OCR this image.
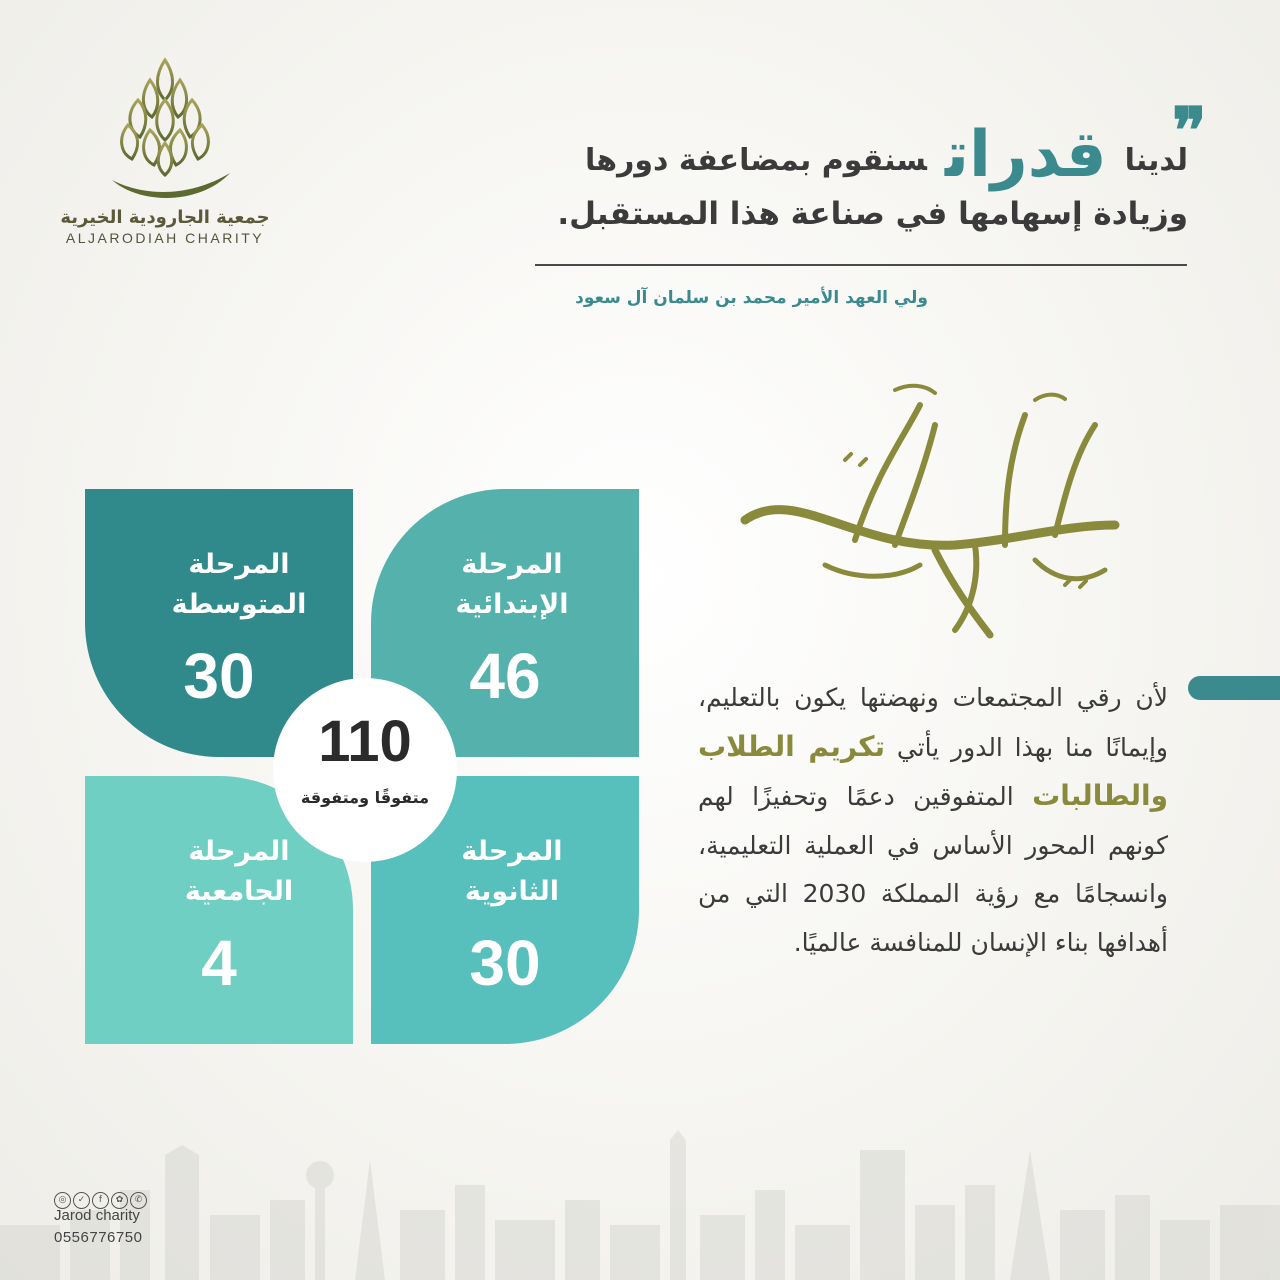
جمعية الجارودية الخيرية
ALJARODIAH CHARITY
❞
لديناقدراتسنقوم بمضاعفة دورها
وزيادة إسهامها في صناعة هذا المستقبل.
ولي العهد الأمير محمد بن سلمان آل سعود
لأن رقي المجتمعات ونهضتها يكون بالتعليم، وإيمانًا منا بهذا الدور يأتي تكريم الطلاب والطالبات المتفوقين دعمًا وتحفيزًا لهم كونهم المحور الأساس في العملية التعليمية، وانسجامًا مع رؤية المملكة 2030 التي من أهدافها بناء الإنسان للمنافسة عالميًا.
المرحلة
المتوسطة
30
المرحلة
الإبتدائية
46
المرحلة
الجامعية
4
المرحلة
الثانوية
30
110
متفوقًا ومتفوقة
◎ ✓ f ✿ ✆
Jarod charity
0556776750
